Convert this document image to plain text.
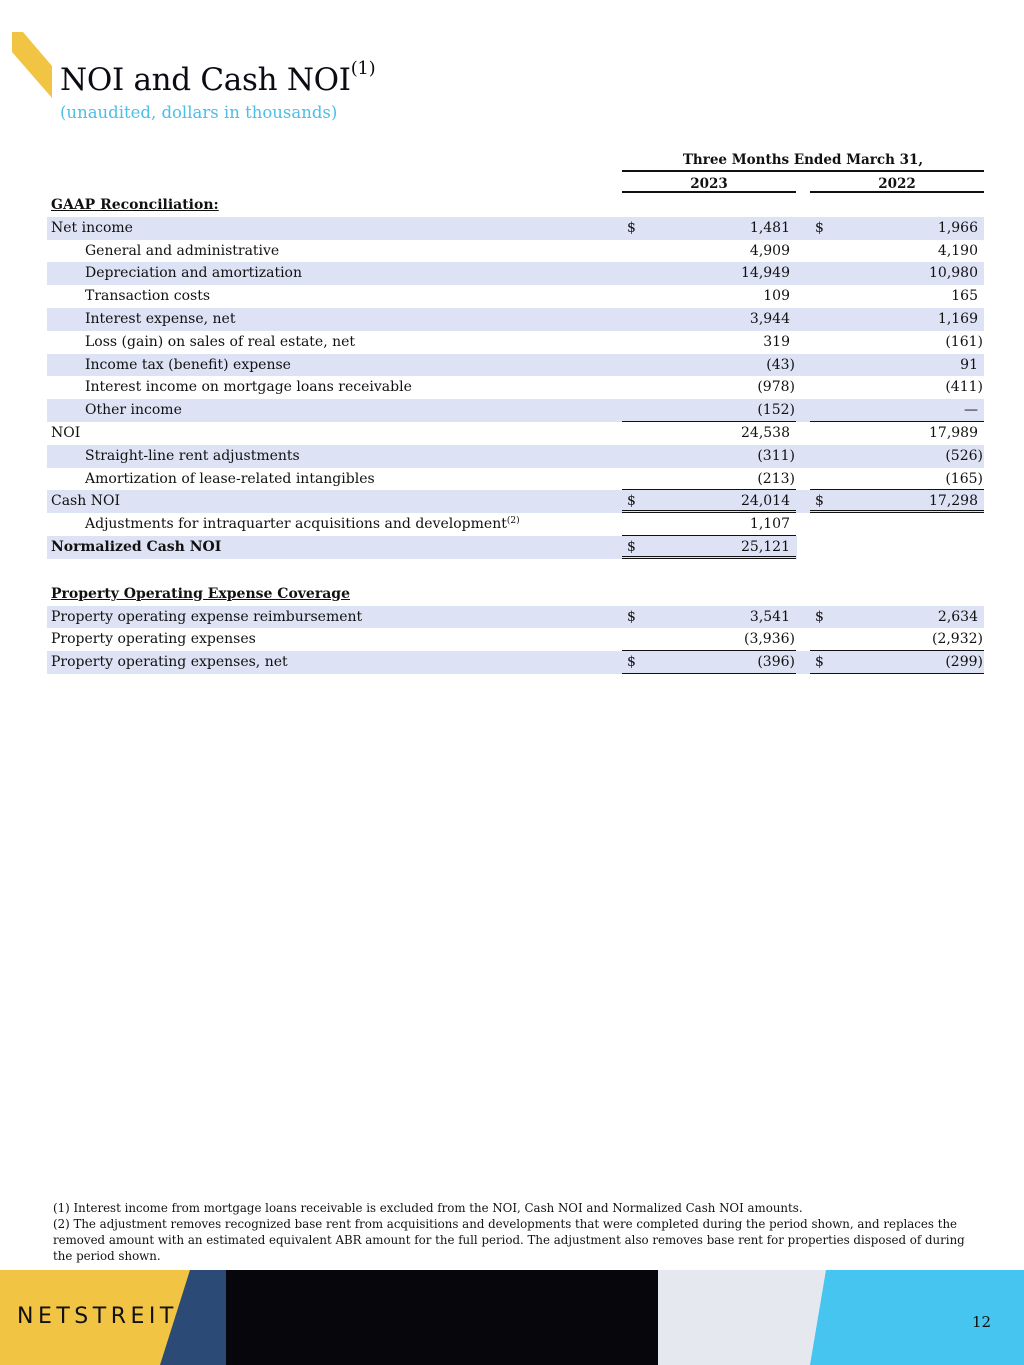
NOI and Cash NOI$^{(1)}$
(unaudited, dollars in thousands)
Three Months Ended March 31,
2023	2022
GAAP Reconciliation:
Net income	$	1,481 $	1,966
General and administrative	4,909	4,190
Depreciation and amortization	14,949	10,980
Transaction costs	109	165
Interest expense, net	3,944	1,169
Loss (gain) on sales of real estate, net	319	(161)
Income tax (benefit) expense	(43)	91
Interest income on mortgage loans receivable	(978)	(411)
Other income	(152)	—
NOI	24,538	17,989
Straight-line rent adjustments	(311)	(526)
Amortization of lease-related intangibles	(213)	(165)
Cash NOI	$	24,014 $	17,298
Adjustments for intraquarter acquisitions and development$^{(2)}$	1,107
Normalized Cash NOI	$	25,121
Property Operating Expense Coverage
Property operating expense reimbursement	$	3,541 $	2,634
Property operating expenses	(3,936)	(2,932)
Property operating expenses, net	$	(396) $	(299)

(1) Interest income from mortgage loans receivable is excluded from the NOI, Cash NOI and Normalized Cash NOI amounts.

(2) The adjustment removes recognized base rent from acquisitions and developments that were completed during the period shown, and replaces the removed amount with an estimated equivalent ABR amount for the full period. The adjustment also removes base rent for properties disposed of during the period shown.

NETSTREIT	12
